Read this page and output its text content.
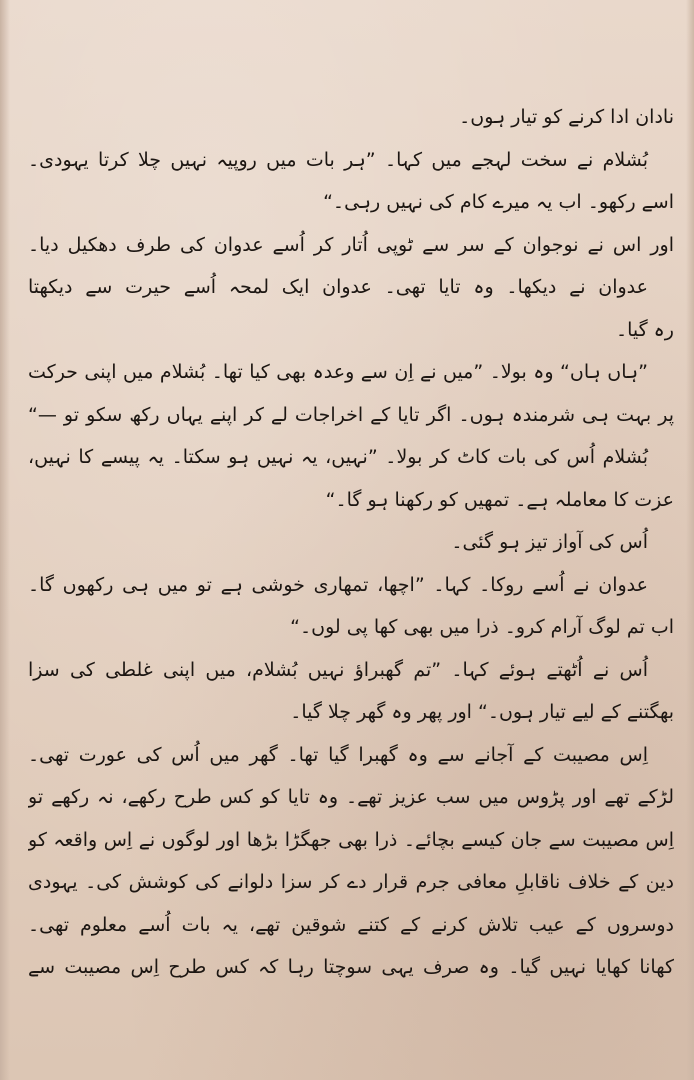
نادان ادا کرنے کو تیار ہوں۔
بُشلام نے سخت لہجے میں کہا۔ ”ہر بات میں روپیہ نہیں چلا کرتا یہودی۔
اسے رکھو۔ اب یہ میرے کام کی نہیں رہی۔“
اور اس نے نوجوان کے سر سے ٹوپی اُتار کر اُسے عدوان کی طرف دھکیل دیا۔
عدوان نے دیکھا۔ وہ تایا تھی۔ عدوان ایک لمحہ اُسے حیرت سے دیکھتا
رہ گیا۔
”ہاں ہاں“ وہ بولا۔ ”میں نے اِن سے وعدہ بھی کیا تھا۔ بُشلام میں اپنی حرکت
پر بہت ہی شرمندہ ہوں۔ اگر تایا کے اخراجات لے کر اپنے یہاں رکھ سکو تو —“
بُشلام اُس کی بات کاٹ کر بولا۔ ”نہیں، یہ نہیں ہو سکتا۔ یہ پیسے کا نہیں،
عزت کا معاملہ ہے۔ تمھیں کو رکھنا ہو گا۔“
اُس کی آواز تیز ہو گئی۔
عدوان نے اُسے روکا۔ کہا۔ ”اچھا، تمھاری خوشی ہے تو میں ہی رکھوں گا۔
اب تم لوگ آرام کرو۔ ذرا میں بھی کھا پی لوں۔“
اُس نے اُٹھتے ہوئے کہا۔ ”تم گھبراؤ نہیں بُشلام، میں اپنی غلطی کی سزا
بھگتنے کے لیے تیار ہوں۔“ اور پھر وہ گھر چلا گیا۔
اِس مصیبت کے آجانے سے وہ گھبرا گیا تھا۔ گھر میں اُس کی عورت تھی۔
لڑکے تھے اور پڑوس میں سب عزیز تھے۔ وہ تایا کو کس طرح رکھے، نہ رکھے تو
اِس مصیبت سے جان کیسے بچائے۔ ذرا بھی جھگڑا بڑھا اور لوگوں نے اِس واقعہ کو
دین کے خلاف ناقابلِ معافی جرم قرار دے کر سزا دلوانے کی کوشش کی۔ یہودی
دوسروں کے عیب تلاش کرنے کے کتنے شوقین تھے، یہ بات اُسے معلوم تھی۔
کھانا کھایا نہیں گیا۔ وہ صرف یہی سوچتا رہا کہ کس طرح اِس مصیبت سے
